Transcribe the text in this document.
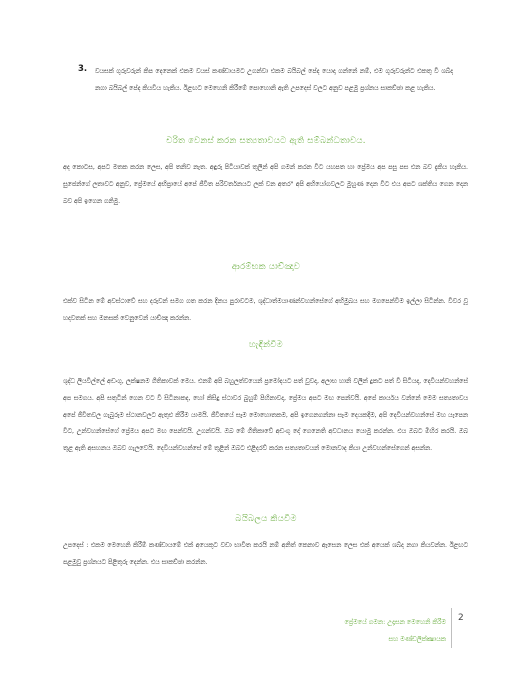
3. වයසක් ගුරුවරුන් කිප දෙනෙක් එකම වයස් කණ්ඩායමට උගන්වා එකම බයිබල් පේද යොදා ගන්නේ නම්, එම ගුරුවරුන්ට එකතු වී ශබ්ද නගා බයිබල් පේද කියවිය හැකිය. ඊළඟට මෙහෙනි කිරීමේ පොහොනි ඇති උපදෙස් වලට අනුව පළමු ප්‍රශ්නය සාකච්ඡා කළ හැකිය.
චරිත වෙනස් කරන සත්‍යතාවයට ඇති සම්බන්ධතාවය.
අද කොටස, අපට මතක කරන ලෙස, අපි තනිව නැත. අඳුරු පිටියාවක් තුලින් අපි ගමන් කරන විට යහපත හා ප්‍රේමය අප පසු පස එන බව දැකිය හැකිය. සුජෙන්ගේ ලතාවට අනුව, ප්‍රේමයේ අභිප්‍රායේ අපේ ජීවිත පරිවර්තනයට ලක් වන අතර" අපි අභියෝගවලට මුහුණ දෙන විට එය අපට ශක්තිය ගෙන දෙන බව අපි ඉගෙන ගනිමු.
ආරම්භක යාච්ඤාව
එක්ව සිටින මේ අවස්ථාවේ සහ දරුවන් සමග ගත කරන දිනය පුරාවටම, ශුද්ධාත්මයාණන්වහන්සේගේ අභිමුඛය සහ මගපෙන්වීම ඉල්ලා සිටින්න. විවර වූ හදවතක් සහ මනසක් වෙනුවෙන් යාච්ඤා කරන්න.
හැඳින්වීම
ශුද්ධ ලියවිල්ලේ අඩංගු, ලක්ෂනම ගීතිකාවක් මෙය. එනම් අපි බහුලත්වයෙන් ප්‍රමෝදයට පත් වුවද, අලාභ හානි වලින් දුකට පත් වී සිටියද, දෙවියන්වහන්සේ අප සමගය. අපි සතුටින් ගෙන වට වී සිටිනාකද, හෝ කිසිදු ස්ථාවර බුහුම් පිහිනාවද, ප්‍රේමය අපට මඟ පෙන්වයි. අපේ කාර්යය වන්නේ මෙම සත්‍යතාවය අපේ ජීවිතවල ගැබුරුම ස්ථානවලට ඇතුළු කිරීම යාමයි. ජීවිතයේ සෑම මොහොතකම, අපි ඉගෙනගන්නා සෑම දෙයකදීම, අපි දෙවියන්වහන්සේ මහ යැපෙන විට, උන්වහන්සේගේ ප්‍රේමය අපට මඟ පෙන්වයි. උගන්වයි. ඔබ මේ ගීතිකාවේ අඩංගු දේ ගෙනෙති අවධානය යොමු කරන්න. එය ඔබට මිහිර කරයි. ඔබ තුළ ඇති අසහනය ඔබව ගැලවෙයි. දෙවියන්වහන්සේ මේ තුළින් ඔබට එළිදරව් කරන සත්‍යතාවයන් මොනවාද කියා උන්වහන්සේගෙන් අසන්න.
බයිබලය කියවීම
උපදෙස් : එකම මෙහෙනි කිරීම් කණ්ඩායමේ එක් අයෙකුට වඩා භාවිත කරයි නම් අනිත් කෙනාව ඇසෙන ලෙස එක් අයෙක් ශබ්ද නගා කියවන්න. ඊළඟට පළමුවු ප්‍රශ්නයට පිළිතුරු දෙන්න. එය සාකච්ඡා කරන්න.
ප්‍රේමයේ ගමන: උදෑසන මෙහෙනි කිරීම
සහ මණ්ඩලික්ක්‍ෂායක
2
